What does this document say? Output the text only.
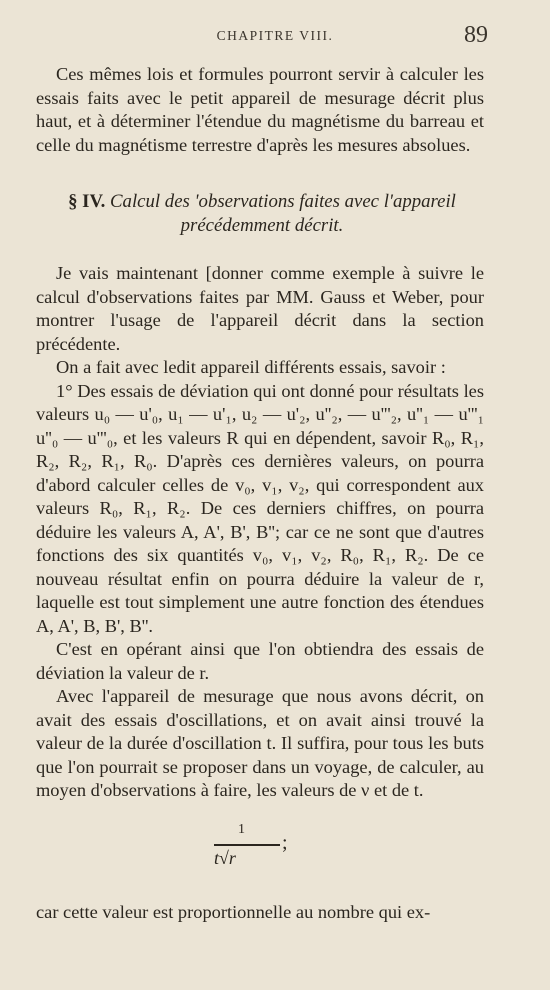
CHAPITRE VIII.	89

Ces mêmes lois et formules pourront servir à calculer les essais faits avec le petit appareil de mesurage décrit plus haut, et à déterminer l'étendue du magnétisme du barreau et celle du magnétisme terrestre d'après les mesures absolues.

§ IV. Calcul des 'observations faites avec l'appareil précédemment décrit.

Je vais maintenant [donner comme exemple à suivre le calcul d'observations faites par MM. Gauss et Weber, pour montrer l'usage de l'appareil décrit dans la section précédente.

On a fait avec ledit appareil différents essais, savoir :

1° Des essais de déviation qui ont donné pour résultats les valeurs u₀ — u'₀, u₁ — u'₁, u₂ — u'₂, u''₂, — u'''₂, u''₁ — u'''₁ u''₀ — u'''₀, et les valeurs R qui en dépendent, savoir R₀, R₁, R₂, R₂, R₁, R₀. D'après ces dernières valeurs, on pourra d'abord calculer celles de v₀, v₁, v₂, qui correspondent aux valeurs R₀, R₁, R₂. De ces derniers chiffres, on pourra déduire les valeurs A, A', B', B''; car ce ne sont que d'autres fonctions des six quantités v₀, v₁, v₂, R₀, R₁, R₂. De ce nouveau résultat enfin on pourra déduire la valeur de r, laquelle est tout simplement une autre fonction des étendues A, A', B, B', B''.

C'est en opérant ainsi que l'on obtiendra des essais de déviation la valeur de r.

Avec l'appareil de mesurage que nous avons décrit, on avait des essais d'oscillations, et on avait ainsi trouvé la valeur de la durée d'oscillation t. Il suffira, pour tous les buts que l'on pourrait se proposer dans un voyage, de calculer, au moyen d'observations à faire, les valeurs de ν et de t.

1
t√r
;

car cette valeur est proportionnelle au nombre qui ex-
